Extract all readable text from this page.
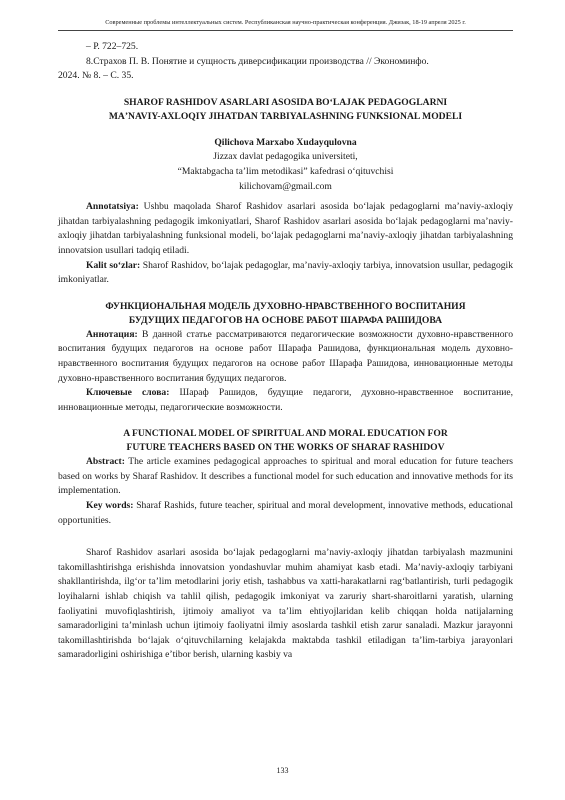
Современные проблемы интеллектуальных систем. Республиканская научно-практическая конференция. Джизак, 18-19 апреля 2025 г.

– Р. 722–725.

8.Страхов П. В. Понятие и сущность диверсификации производства // Экономинфо.

2024. № 8. – С. 35.

SHAROF RASHIDOV ASARLARI ASOSIDA BOʻLAJAK PEDAGOGLARNI

MAʼNAVIY-AXLOQIY JIHATDAN TARBIYALASHNING FUNKSIONAL MODELI

Qilichova Marxabo Xudayqulovna

Jizzax davlat pedagogika universiteti,

“Maktabgacha taʼlim metodikasi” kafedrasi oʻqituvchisi

kilichovam@gmail.com

Annotatsiya: Ushbu maqolada Sharof Rashidov asarlari asosida boʻlajak pedagoglarni maʼnaviy-axloqiy jihatdan tarbiyalashning pedagogik imkoniyatlari, Sharof Rashidov asarlari asosida boʻlajak pedagoglarni maʼnaviy-axloqiy jihatdan tarbiyalashning funksional modeli, boʻlajak pedagoglarni maʼnaviy-axloqiy jihatdan tarbiyalashning innovatsion usullari tadqiq etiladi.

Kalit soʻzlar: Sharof Rashidov, boʻlajak pedagoglar, maʼnaviy-axloqiy tarbiya, innovatsion usullar, pedagogik imkoniyatlar.

ФУНКЦИОНАЛЬНАЯ МОДЕЛЬ ДУХОВНО-НРАВСТВЕННОГО ВОСПИТАНИЯ

БУДУЩИХ ПЕДАГОГОВ НА ОСНОВЕ РАБОТ ШАРАФА РАШИДОВА

Аннотация: В данной статье рассматриваются педагогические возможности духовно-нравственного воспитания будущих педагогов на основе работ Шарафа Рашидова, функциональная модель духовно-нравственного воспитания будущих педагогов на основе работ Шарафа Рашидова, инновационные методы духовно-нравственного воспитания будущих педагогов.

Ключевые слова: Шараф Рашидов, будущие педагоги, духовно-нравственное воспитание, инновационные методы, педагогические возможности.

A FUNCTIONAL MODEL OF SPIRITUAL AND MORAL EDUCATION FOR

FUTURE TEACHERS BASED ON THE WORKS OF SHARAF RASHIDOV

Abstract: The article examines pedagogical approaches to spiritual and moral education for future teachers based on works by Sharaf Rashidov. It describes a functional model for such education and innovative methods for its implementation.

Key words: Sharaf Rashids, future teacher, spiritual and moral development, innovative methods, educational opportunities.

Sharof Rashidov asarlari asosida boʻlajak pedagoglarni maʼnaviy-axloqiy jihatdan tarbiyalash mazmunini takomillashtirishga erishishda innovatsion yondashuvlar muhim ahamiyat kasb etadi. Maʼnaviy-axloqiy tarbiyani shakllantirishda, ilgʻor taʼlim metodlarini joriy etish, tashabbus va xatti-harakatlarni ragʻbatlantirish, turli pedagogik loyihalarni ishlab chiqish va tahlil qilish, pedagogik imkoniyat va zaruriy shart-sharoitlarni yaratish, ularning faoliyatini muvofiqlashtirish, ijtimoiy amaliyot va taʼlim ehtiyojlaridan kelib chiqqan holda natijalarning samaradorligini taʼminlash uchun ijtimoiy faoliyatni ilmiy asoslarda tashkil etish zarur sanaladi. Mazkur jarayonni takomillashtirishda boʻlajak oʻqituvchilarning kelajakda maktabda tashkil etiladigan taʼlim-tarbiya jarayonlari samaradorligini oshirishiga eʼtibor berish, ularning kasbiy va

133
